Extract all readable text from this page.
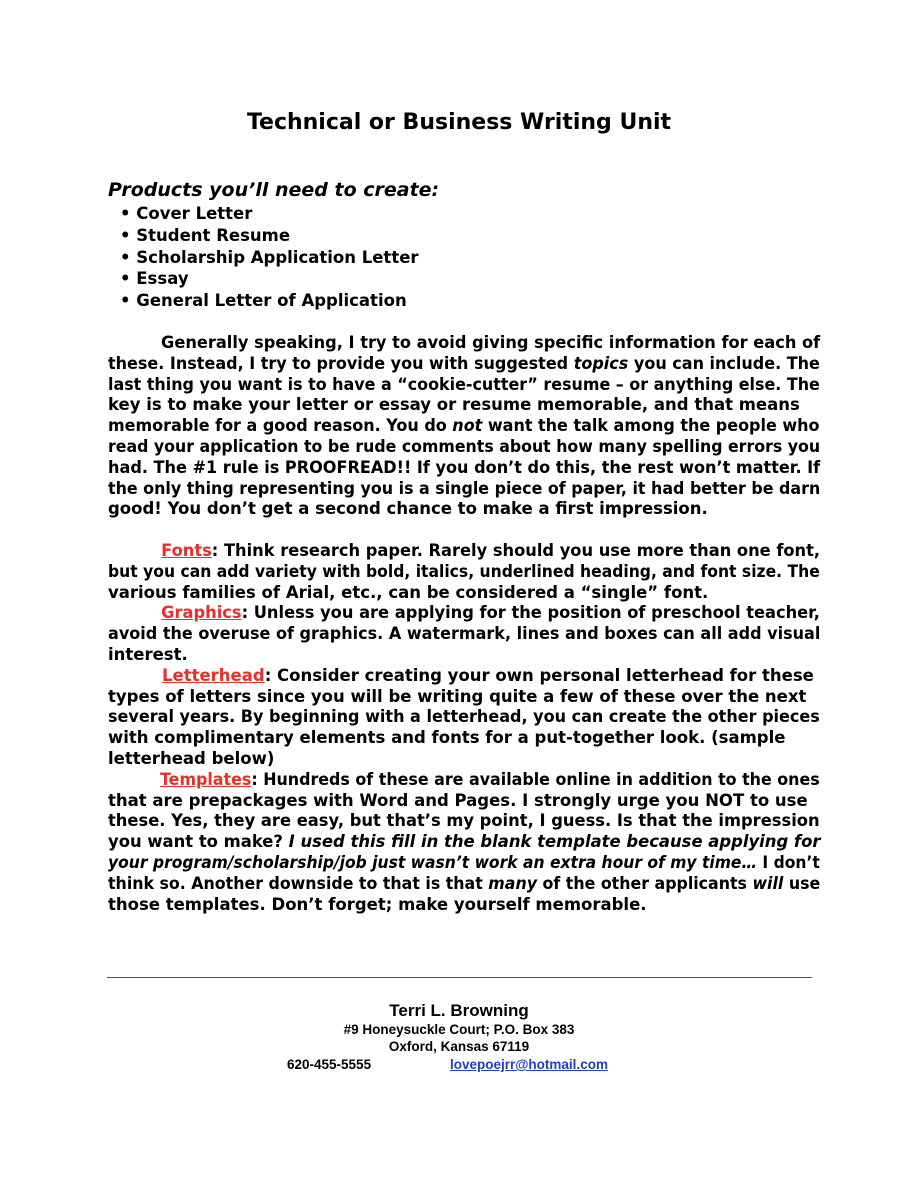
Technical or Business Writing Unit
Products you’ll need to create:
• Cover Letter
• Student Resume
• Scholarship Application Letter
• Essay
• General Letter of Application
Generally speaking, I try to avoid giving specific information for each of
these. Instead, I try to provide you with suggested topics you can include. The
last thing you want is to have a “cookie-cutter” resume – or anything else. The
key is to make your letter or essay or resume memorable, and that means
memorable for a good reason. You do not want the talk among the people who
read your application to be rude comments about how many spelling errors you
had. The #1 rule is PROOFREAD!! If you don’t do this, the rest won’t matter. If
the only thing representing you is a single piece of paper, it had better be darn
good! You don’t get a second chance to make a first impression.
Fonts: Think research paper. Rarely should you use more than one font,
but you can add variety with bold, italics, underlined heading, and font size. The
various families of Arial, etc., can be considered a “single” font.
Graphics: Unless you are applying for the position of preschool teacher,
avoid the overuse of graphics. A watermark, lines and boxes can all add visual
interest.
Letterhead: Consider creating your own personal letterhead for these
types of letters since you will be writing quite a few of these over the next
several years. By beginning with a letterhead, you can create the other pieces
with complimentary elements and fonts for a put-together look. (sample
letterhead below)
Templates: Hundreds of these are available online in addition to the ones
that are prepackages with Word and Pages. I strongly urge you NOT to use
these. Yes, they are easy, but that’s my point, I guess. Is that the impression
you want to make? I used this fill in the blank template because applying for
your program/scholarship/job just wasn’t work an extra hour of my time… I don’t
think so. Another downside to that is that many of the other applicants will use
those templates. Don’t forget; make yourself memorable.
Terri L. Browning
#9 Honeysuckle Court; P.O. Box 383
Oxford, Kansas 67119
620-455-5555	lovepoejrr@hotmail.com
